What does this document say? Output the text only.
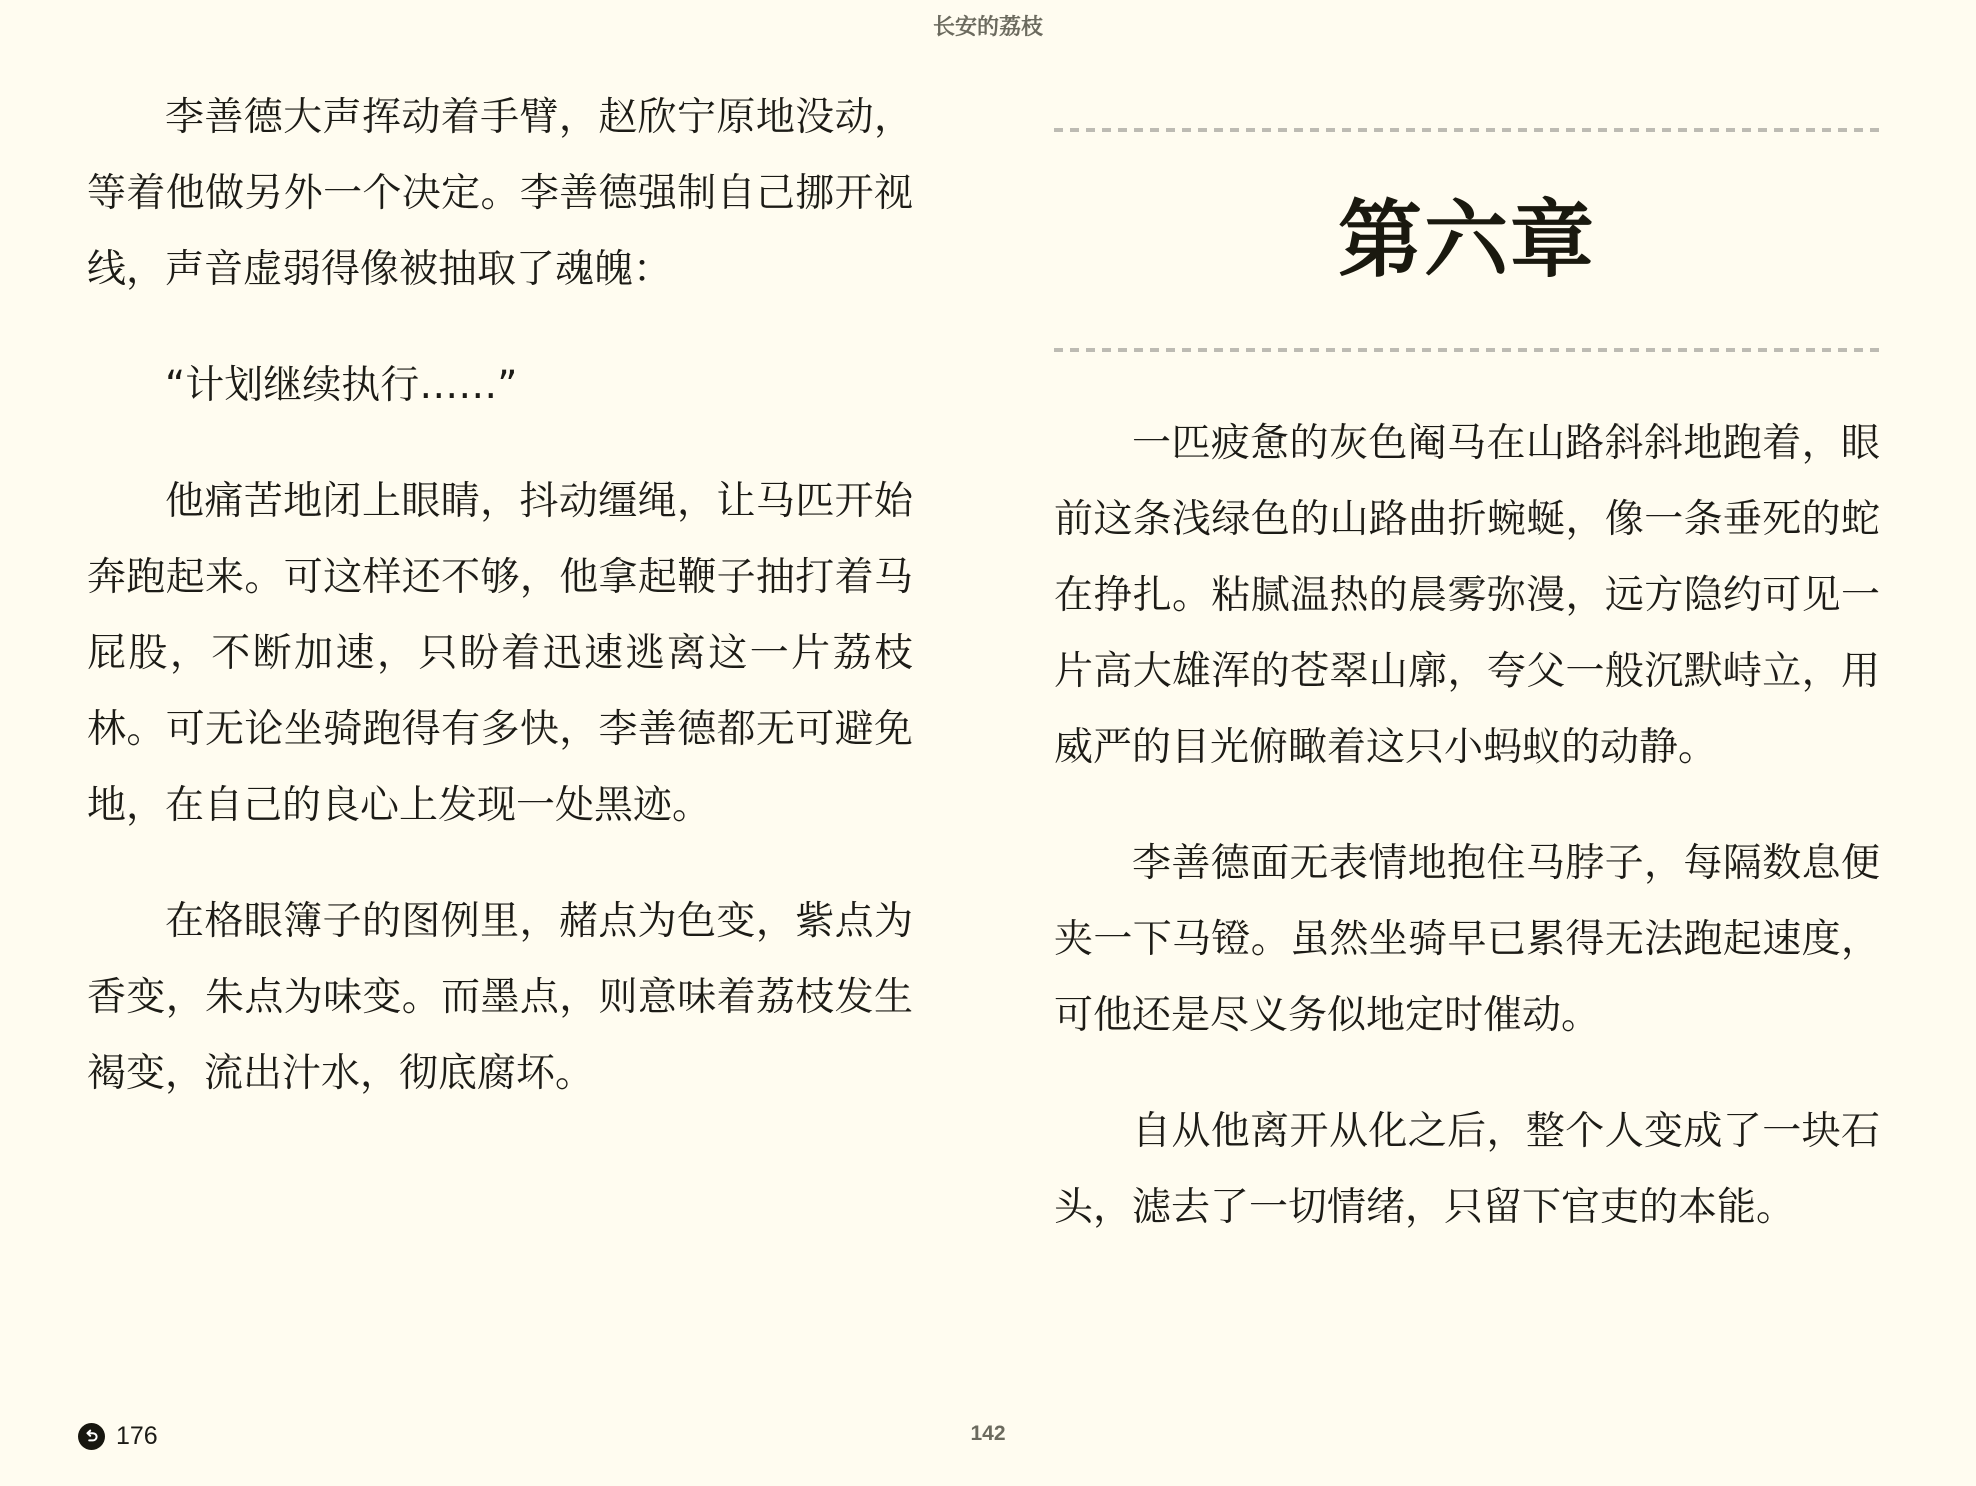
长安的荔枝

李善德大声挥动着手臂，赵欣宁原地没动，等着他做另外一个决定。李善德强制自己挪开视线，声音虚弱得像被抽取了魂魄：

“计划继续执行……”

他痛苦地闭上眼睛，抖动缰绳，让马匹开始奔跑起来。可这样还不够，他拿起鞭子抽打着马屁股，不断加速，只盼着迅速逃离这一片荔枝林。可无论坐骑跑得有多快，李善德都无可避免地，在自己的良心上发现一处黑迹。

在格眼簿子的图例里，赭点为色变，紫点为香变，朱点为味变。而墨点，则意味着荔枝发生褐变，流出汁水，彻底腐坏。

第六章

一匹疲惫的灰色阉马在山路斜斜地跑着，眼前这条浅绿色的山路曲折蜿蜒，像一条垂死的蛇在挣扎。粘腻温热的晨雾弥漫，远方隐约可见一片高大雄浑的苍翠山廓，夸父一般沉默峙立，用威严的目光俯瞰着这只小蚂蚁的动静。

李善德面无表情地抱住马脖子，每隔数息便夹一下马镫。虽然坐骑早已累得无法跑起速度，可他还是尽义务似地定时催动。

自从他离开从化之后，整个人变成了一块石头，滤去了一切情绪，只留下官吏的本能。

176	142
